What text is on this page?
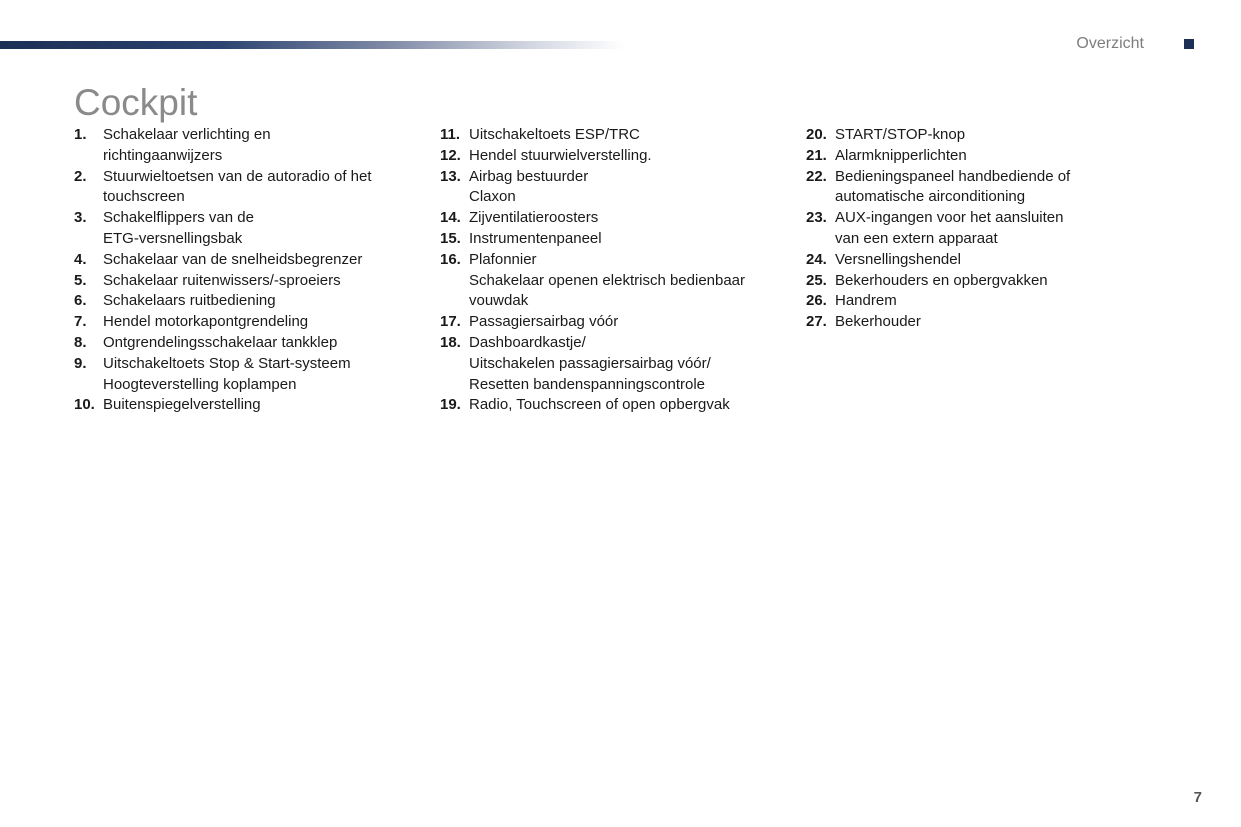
Overzicht
Cockpit
1.	Schakelaar verlichting en
richtingaanwijzers
2.	Stuurwieltoetsen van de autoradio of het
touchscreen
3.	Schakelflippers van de
ETG-versnellingsbak
4.	Schakelaar van de snelheidsbegrenzer
5.	Schakelaar ruitenwissers/-sproeiers
6.	Schakelaars ruitbediening
7.	Hendel motorkapontgrendeling
8.	Ontgrendelingsschakelaar tankklep
9.	Uitschakeltoets Stop & Start-systeem
Hoogteverstelling koplampen
10. Buitenspiegelverstelling
11. Uitschakeltoets ESP/TRC
12. Hendel stuurwielverstelling.
13. Airbag bestuurder
Claxon
14. Zijventilatieroosters
15. Instrumentenpaneel
16. Plafonnier
Schakelaar openen elektrisch bedienbaar
vouwdak
17. Passagiersairbag vóór
18. Dashboardkastje/
Uitschakelen passagiersairbag vóór/
Resetten bandenspanningscontrole
19. Radio, Touchscreen of open opbergvak
20. START/STOP-knop
21. Alarmknipperlichten
22. Bedieningspaneel handbediende of
automatische airconditioning
23. AUX-ingangen voor het aansluiten
van een extern apparaat
24. Versnellingshendel
25. Bekerhouders en opbergvakken
26. Handrem
27. Bekerhouder
7
